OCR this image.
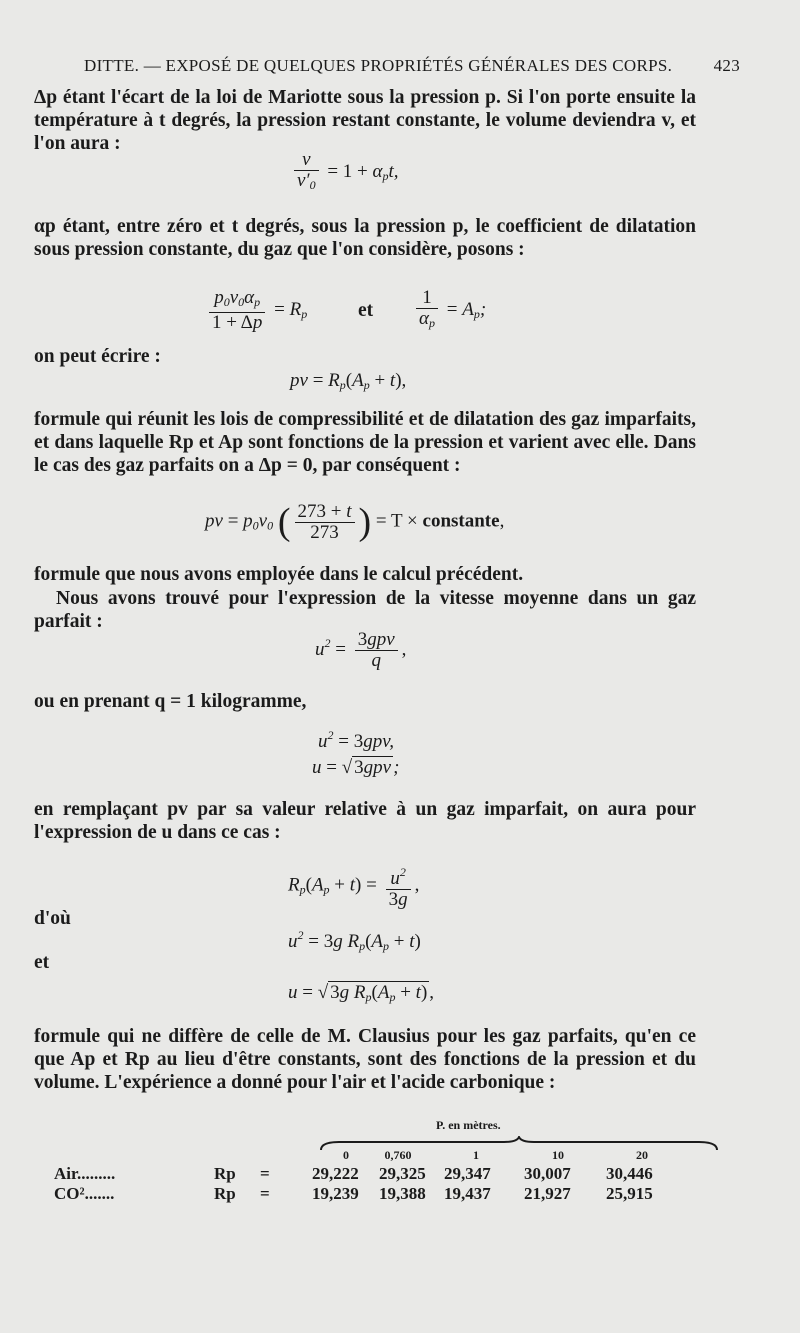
DITTE. — EXPOSÉ DE QUELQUES PROPRIÉTÉS GÉNÉRALES DES CORPS. 423
Δp étant l'écart de la loi de Mariotte sous la pression p. Si l'on porte ensuite la température à t degrés, la pression restant constante, le volume deviendra v, et l'on aura :
$\frac{v}{v'_0} = 1 + \alpha_pt$,
αp étant, entre zéro et t degrés, sous la pression p, le coefficient de dilatation sous pression constante, du gaz que l'on considère, posons :
$\frac{p_0v_0\alpha_p}{1 + \Delta p} = R_p$	et $\frac{1}{\alpha_p} = A_p$;
on peut écrire :
pv = $R_p(A_p + t)$,
formule qui réunit les lois de compressibilité et de dilatation des gaz imparfaits, et dans laquelle Rp et Ap sont fonctions de la pression et varient avec elle. Dans le cas des gaz parfaits on a Δp = 0, par conséquent :
pv = $p_0v_0$ ( $\frac{273 + t}{273}$ ) = T × constante,
formule que nous avons employée dans le calcul précédent.
Nous avons trouvé pour l'expression de la vitesse moyenne dans un gaz parfait :
$u^2 = \frac{\text{3gpv}}{q}$ ,
ou en prenant q = 1 kilogramme,
$u^2 = 3gpv$,
u = √ 3gpv ;
en remplaçant pv par sa valeur relative à un gaz imparfait, on aura pour l'expression de u dans ce cas :
$R_p(A_p + t) = \frac{u^2}{3g}$ ,
d'où
$u^2 = 3g$ $R_p(A_p + t)$
et
u = √ 3g $R_p(A_p + t)$ ,
formule qui ne diffère de celle de M. Clausius pour les gaz parfaits, qu'en ce que Ap et Rp au lieu d'être constants, sont des fonctions de la pression et du volume. L'expérience a donné pour l'air et l'acide carbonique :
P. en mètres.
0	0,760	1	10	20
Air.........	Rp = 29,222 29,325 29,347 30,007 30,446
CO².......	Rp = 19,239 19,388 19,437 21,927 25,915
